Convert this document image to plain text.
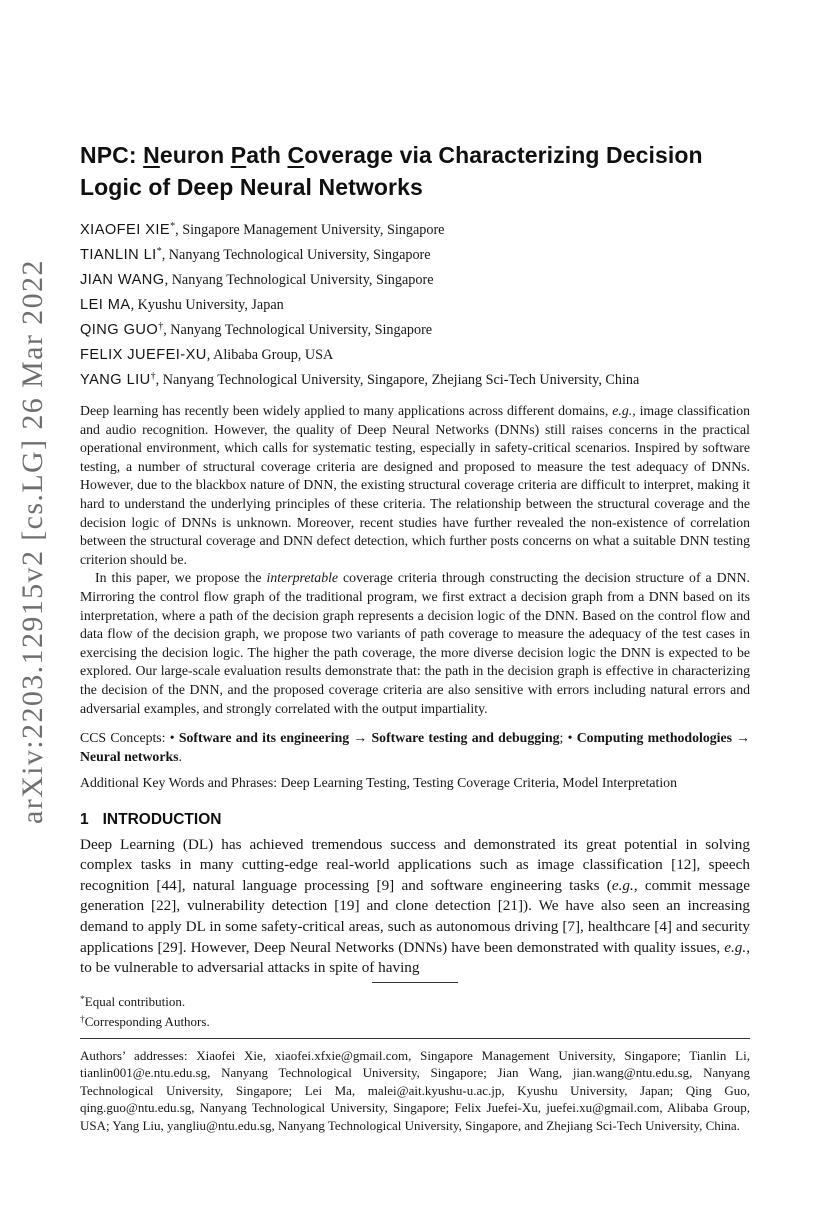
arXiv:2203.12915v2 [cs.LG] 26 Mar 2022
NPC: Neuron Path Coverage via Characterizing Decision
Logic of Deep Neural Networks
XIAOFEI XIE*, Singapore Management University, Singapore
TIANLIN LI*, Nanyang Technological University, Singapore
JIAN WANG, Nanyang Technological University, Singapore
LEI MA, Kyushu University, Japan
QING GUO†, Nanyang Technological University, Singapore
FELIX JUEFEI-XU, Alibaba Group, USA
YANG LIU†, Nanyang Technological University, Singapore, Zhejiang Sci-Tech University, China

Deep learning has recently been widely applied to many applications across different domains, e.g., image classification and audio recognition. However, the quality of Deep Neural Networks (DNNs) still raises concerns in the practical operational environment, which calls for systematic testing, especially in safety-critical scenarios. Inspired by software testing, a number of structural coverage criteria are designed and proposed to measure the test adequacy of DNNs. However, due to the blackbox nature of DNN, the existing structural coverage criteria are difficult to interpret, making it hard to understand the underlying principles of these criteria. The relationship between the structural coverage and the decision logic of DNNs is unknown. Moreover, recent studies have further revealed the non-existence of correlation between the structural coverage and DNN defect detection, which further posts concerns on what a suitable DNN testing criterion should be.

In this paper, we propose the interpretable coverage criteria through constructing the decision structure of a DNN. Mirroring the control flow graph of the traditional program, we first extract a decision graph from a DNN based on its interpretation, where a path of the decision graph represents a decision logic of the DNN. Based on the control flow and data flow of the decision graph, we propose two variants of path coverage to measure the adequacy of the test cases in exercising the decision logic. The higher the path coverage, the more diverse decision logic the DNN is expected to be explored. Our large-scale evaluation results demonstrate that: the path in the decision graph is effective in characterizing the decision of the DNN, and the proposed coverage criteria are also sensitive with errors including natural errors and adversarial examples, and strongly correlated with the output impartiality.

CCS Concepts: • Software and its engineering → Software testing and debugging; • Computing methodologies → Neural networks.

Additional Key Words and Phrases: Deep Learning Testing, Testing Coverage Criteria, Model Interpretation

1 INTRODUCTION

Deep Learning (DL) has achieved tremendous success and demonstrated its great potential in solving complex tasks in many cutting-edge real-world applications such as image classification [12], speech recognition [44], natural language processing [9] and software engineering tasks (e.g., commit message generation [22], vulnerability detection [19] and clone detection [21]). We have also seen an increasing demand to apply DL in some safety-critical areas, such as autonomous driving [7], healthcare [4] and security applications [29]. However, Deep Neural Networks (DNNs) have been demonstrated with quality issues, e.g., to be vulnerable to adversarial attacks in spite of having

*Equal contribution.

†Corresponding Authors.

Authors’ addresses: Xiaofei Xie, xiaofei.xfxie@gmail.com, Singapore Management University, Singapore; Tianlin Li, tianlin001@e.ntu.edu.sg, Nanyang Technological University, Singapore; Jian Wang, jian.wang@ntu.edu.sg, Nanyang Technological University, Singapore; Lei Ma, malei@ait.kyushu-u.ac.jp, Kyushu University, Japan; Qing Guo, qing.guo@ntu.edu.sg, Nanyang Technological University, Singapore; Felix Juefei-Xu, juefei.xu@gmail.com, Alibaba Group, USA; Yang Liu, yangliu@ntu.edu.sg, Nanyang Technological University, Singapore, and Zhejiang Sci-Tech University, China.
